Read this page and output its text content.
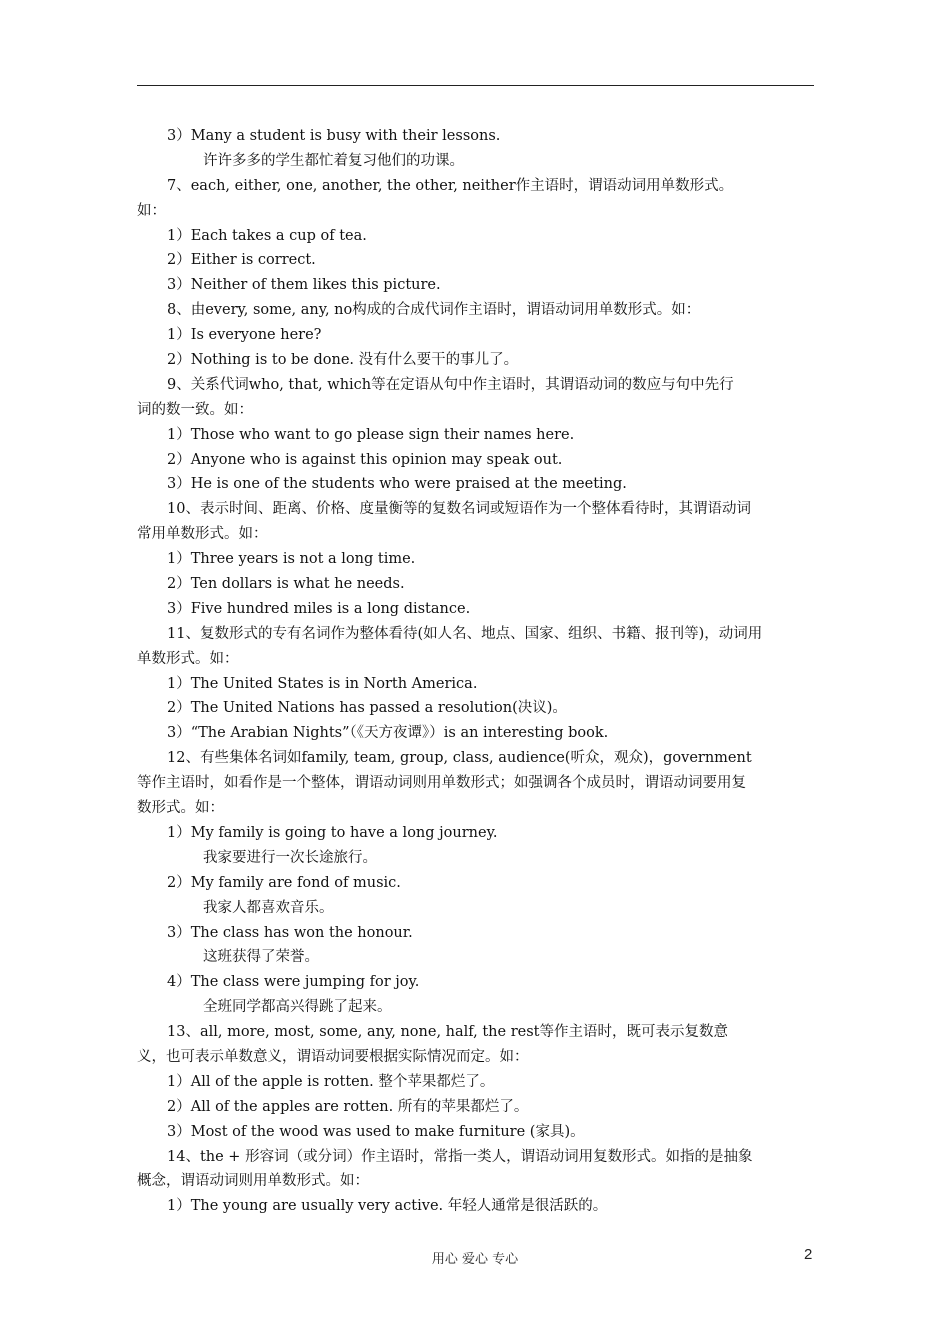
3）Many a student is busy with their lessons.
许许多多的学生都忙着复习他们的功课。
7、each, either, one, another, the other, neither作主语时，谓语动词用单数形式。
如：
1）Each takes a cup of tea.
2）Either is correct.
3）Neither of them likes this picture.
8、由every, some, any, no构成的合成代词作主语时，谓语动词用单数形式。如：
1）Is everyone here?
2）Nothing is to be done. 没有什么要干的事儿了。
9、关系代词who, that, which等在定语从句中作主语时，其谓语动词的数应与句中先行
词的数一致。如：
1）Those who want to go please sign their names here.
2）Anyone who is against this opinion may speak out.
3）He is one of the students who were praised at the meeting.
10、表示时间、距离、价格、度量衡等的复数名词或短语作为一个整体看待时，其谓语动词
常用单数形式。如：
1）Three years is not a long time.
2）Ten dollars is what he needs.
3）Five hundred miles is a long distance.
11、复数形式的专有名词作为整体看待(如人名、地点、国家、组织、书籍、报刊等)，动词用
单数形式。如：
1）The United States is in North America.
2）The United Nations has passed a resolution(决议)。
3）“The Arabian Nights”（《天方夜谭》）is an interesting book.
12、有些集体名词如family, team, group, class, audience(听众，观众)，government
等作主语时，如看作是一个整体，谓语动词则用单数形式；如强调各个成员时，谓语动词要用复
数形式。如：
1）My family is going to have a long journey.
我家要进行一次长途旅行。
2）My family are fond of music.
我家人都喜欢音乐。
3）The class has won the honour.
这班获得了荣誉。
4）The class were jumping for joy.
全班同学都高兴得跳了起来。
13、all, more, most, some, any, none, half, the rest等作主语时，既可表示复数意
义，也可表示单数意义，谓语动词要根据实际情况而定。如：
1）All of the apple is rotten. 整个苹果都烂了。
2）All of the apples are rotten. 所有的苹果都烂了。
3）Most of the wood was used to make furniture (家具)。
14、the + 形容词（或分词）作主语时，常指一类人，谓语动词用复数形式。如指的是抽象
概念，谓语动词则用单数形式。如：
1）The young are usually very active. 年轻人通常是很活跃的。
用心 爱心 专心	2
